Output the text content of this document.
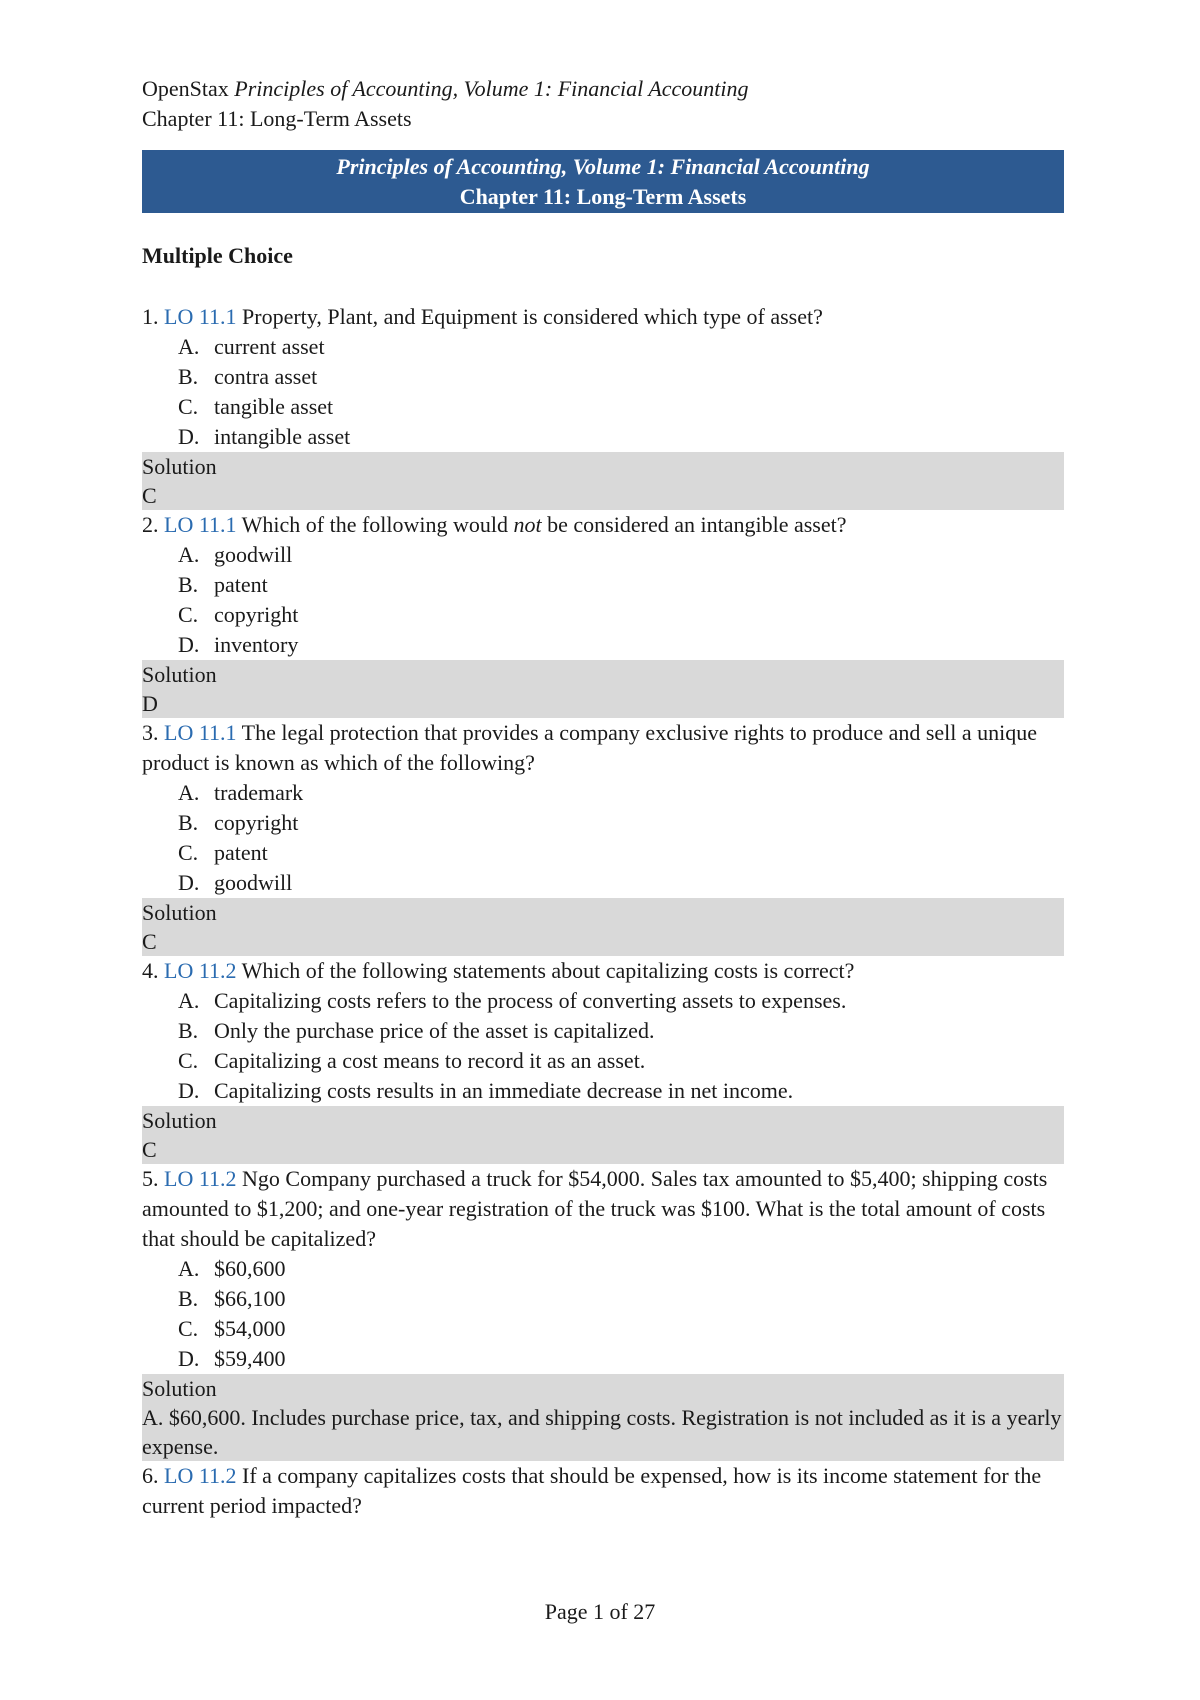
OpenStax Principles of Accounting, Volume 1: Financial Accounting
Chapter 11: Long-Term Assets
Principles of Accounting, Volume 1: Financial Accounting
Chapter 11: Long-Term Assets
Multiple Choice
1. LO 11.1 Property, Plant, and Equipment is considered which type of asset?
A. current asset
B. contra asset
C. tangible asset
D. intangible asset
Solution
C
2. LO 11.1 Which of the following would not be considered an intangible asset?
A. goodwill
B. patent
C. copyright
D. inventory
Solution
D
3. LO 11.1 The legal protection that provides a company exclusive rights to produce and sell a unique product is known as which of the following?
A. trademark
B. copyright
C. patent
D. goodwill
Solution
C
4. LO 11.2 Which of the following statements about capitalizing costs is correct?
A. Capitalizing costs refers to the process of converting assets to expenses.
B. Only the purchase price of the asset is capitalized.
C. Capitalizing a cost means to record it as an asset.
D. Capitalizing costs results in an immediate decrease in net income.
Solution
C
5. LO 11.2 Ngo Company purchased a truck for $54,000. Sales tax amounted to $5,400; shipping costs amounted to $1,200; and one-year registration of the truck was $100. What is the total amount of costs that should be capitalized?
A. $60,600
B. $66,100
C. $54,000
D. $59,400
Solution
A. $60,600. Includes purchase price, tax, and shipping costs. Registration is not included as it is a yearly expense.
6. LO 11.2 If a company capitalizes costs that should be expensed, how is its income statement for the current period impacted?
Page 1 of 27
